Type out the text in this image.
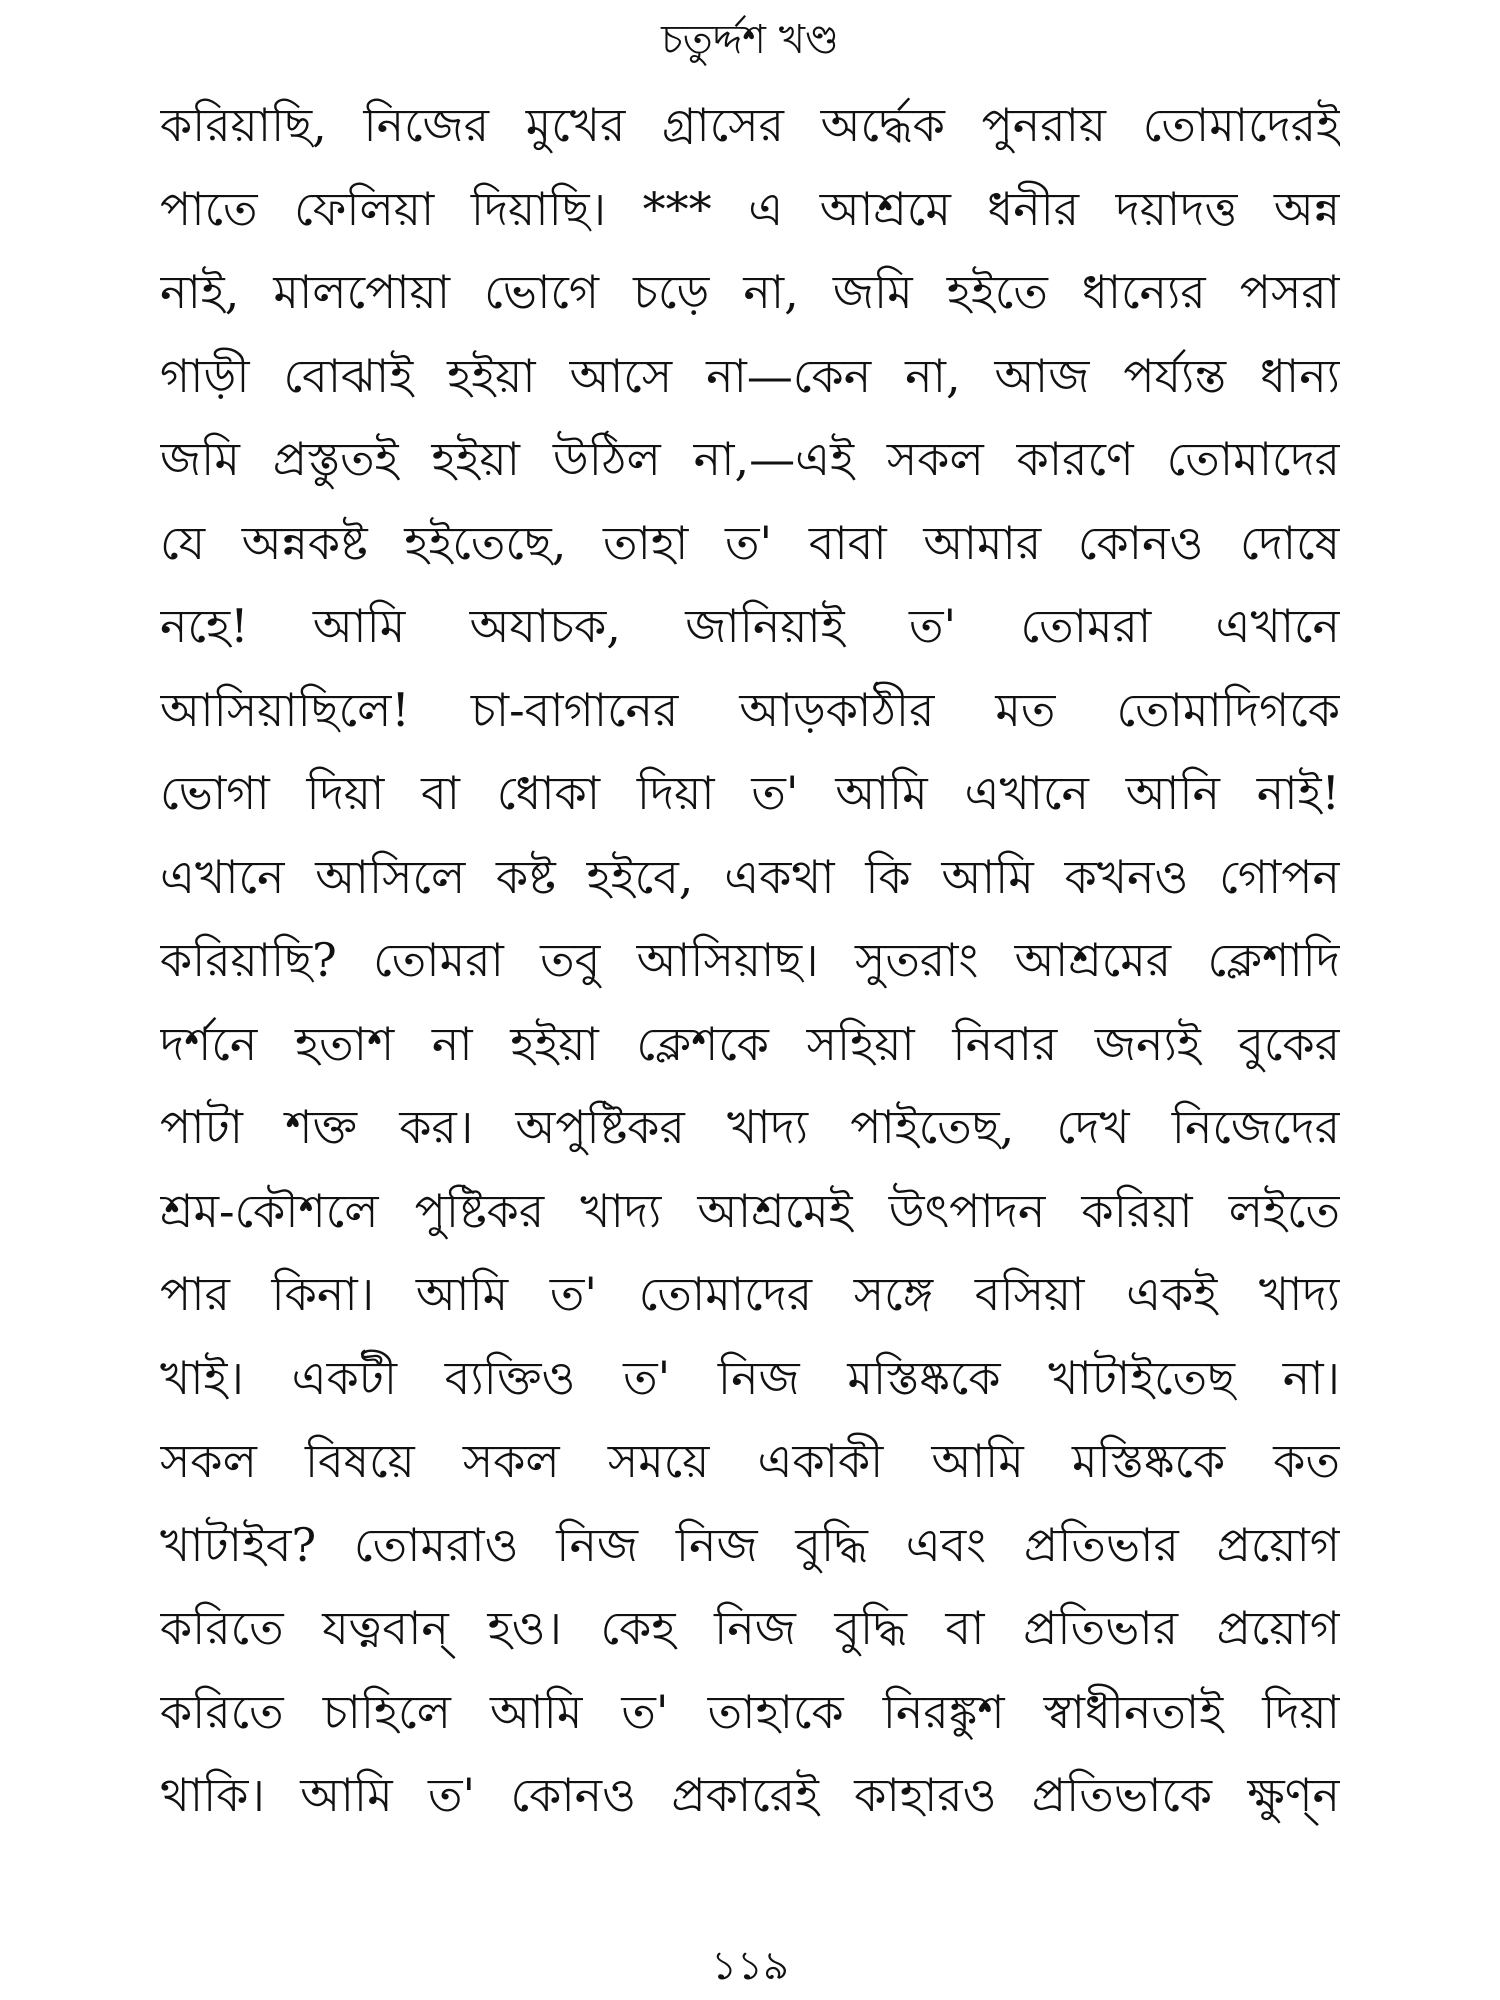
চতুর্দ্দশ খণ্ড
করিয়াছি, নিজের মুখের গ্রাসের অর্দ্ধেক পুনরায় তোমাদেরই
পাতে ফেলিয়া দিয়াছি। *** এ আশ্রমে ধনীর দয়াদত্ত অন্ন
নাই, মালপোয়া ভোগে চড়ে না, জমি হইতে ধান্যের পসরা
গাড়ী বোঝাই হইয়া আসে না—কেন না, আজ পর্য্যন্ত ধান্য
জমি প্রস্তুতই হইয়া উঠিল না,—এই সকল কারণে তোমাদের
যে অন্নকষ্ট হইতেছে, তাহা ত' বাবা আমার কোনও দোষে
নহে! আমি অযাচক, জানিয়াই ত' তোমরা এখানে
আসিয়াছিলে! চা-বাগানের আড়কাঠীর মত তোমাদিগকে
ভোগা দিয়া বা ধোকা দিয়া ত' আমি এখানে আনি নাই!
এখানে আসিলে কষ্ট হইবে, একথা কি আমি কখনও গোপন
করিয়াছি? তোমরা তবু আসিয়াছ। সুতরাং আশ্রমের ক্লেশাদি
দর্শনে হতাশ না হইয়া ক্লেশকে সহিয়া নিবার জন্যই বুকের
পাটা শক্ত কর। অপুষ্টিকর খাদ্য পাইতেছ, দেখ নিজেদের
শ্রম-কৌশলে পুষ্টিকর খাদ্য আশ্রমেই উৎপাদন করিয়া লইতে
পার কিনা। আমি ত' তোমাদের সঙ্গে বসিয়া একই খাদ্য
খাই। একটী ব্যক্তিও ত' নিজ মস্তিষ্ককে খাটাইতেছ না।
সকল বিষয়ে সকল সময়ে একাকী আমি মস্তিষ্ককে কত
খাটাইব? তোমরাও নিজ নিজ বুদ্ধি এবং প্রতিভার প্রয়োগ
করিতে যত্নবান্ হও। কেহ নিজ বুদ্ধি বা প্রতিভার প্রয়োগ
করিতে চাহিলে আমি ত' তাহাকে নিরঙ্কুশ স্বাধীনতাই দিয়া
থাকি। আমি ত' কোনও প্রকারেই কাহারও প্রতিভাকে ক্ষুণ্ন
১১৯
